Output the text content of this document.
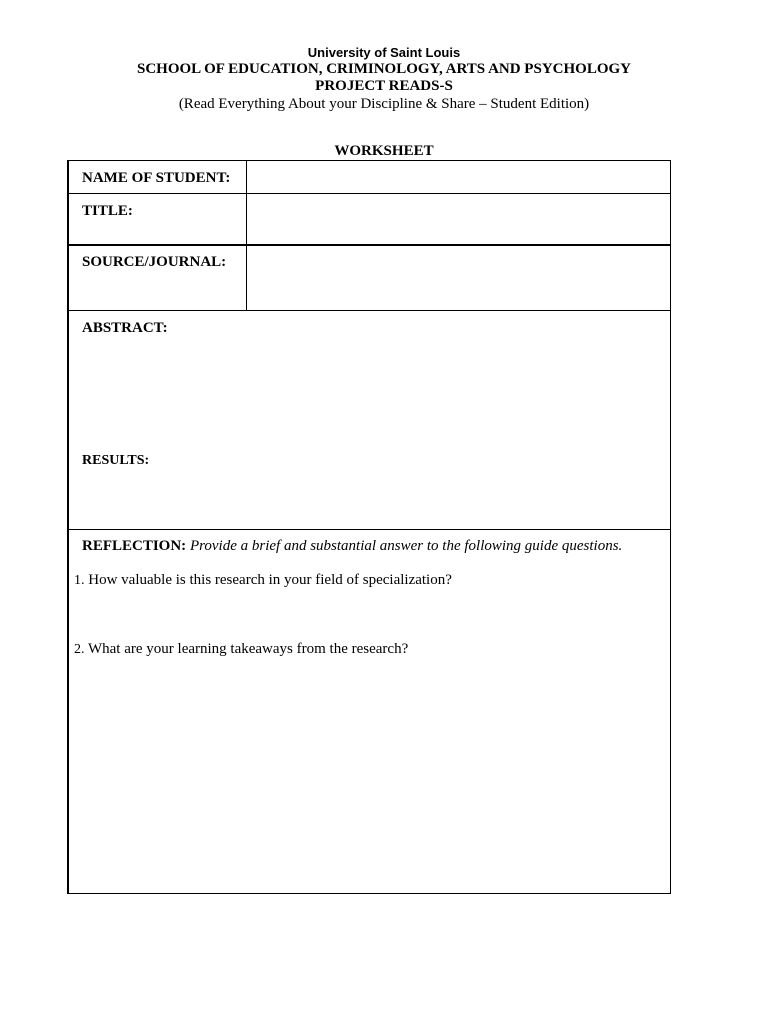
University of Saint Louis
SCHOOL OF EDUCATION, CRIMINOLOGY, ARTS AND PSYCHOLOGY
PROJECT READS-S
(Read Everything About your Discipline & Share – Student Edition)
WORKSHEET
NAME OF STUDENT:
TITLE:
SOURCE/JOURNAL:
ABSTRACT:
RESULTS:
REFLECTION: Provide a brief and substantial answer to the following guide questions.
1. How valuable is this research in your field of specialization?
2. What are your learning takeaways from the research?
